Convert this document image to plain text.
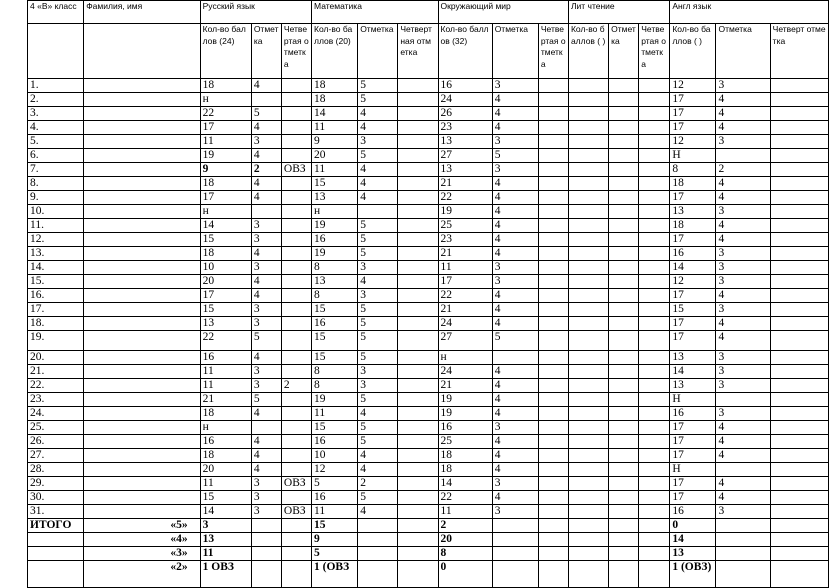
4 «В» класс	Фамилия, имя	Русский язык			Математика			Окружающий мир			Лит чтение			Англ язык		
		Кол-во баллов (24)	Отметка	Четвертая отметка	Кол-во баллов (20)	Отметка	Четвертная отметка	Кол-во баллов (32)	Отметка	Четвертая отметка	Кол-во баллов ( )	Отметка	Четвертая отметка	Кол-во баллов ( )	Отметка	Четверт отметка
1.		18	4		18	5		16	3					12	3	
2.		н			18	5		24	4					17	4	
3.		22	5		14	4		26	4					17	4	
4.		17	4		11	4		23	4					17	4	
5.		11	3		9	3		13	3					12	3	
6.		19	4		20	5		27	5					Н		
7.		9	2	ОВЗ	11	4		13	3					8	2	
8.		18	4		15	4		21	4					18	4	
9.		17	4		13	4		22	4					17	4	
10.		н			н			19	4					13	3	
11.		14	3		19	5		25	4					18	4	
12.		15	3		16	5		23	4					17	4	
13.		18	4		19	5		21	4					16	3	
14.		10	3		8	3		11	3					14	3	
15.		20	4		13	4		17	3					12	3	
16.		17	4		8	3		22	4					17	4	
17.		15	3		15	5		21	4					15	3	
18.		13	3		16	5		24	4					17	4	
19.		22	5		15	5		27	5					17	4	
20.		16	4		15	5		н						13	3	
21.		11	3		8	3		24	4					14	3	
22.		11	3	2	8	3		21	4					13	3	
23.		21	5		19	5		19	4					Н		
24.		18	4		11	4		19	4					16	3	
25.		н			15	5		16	3					17	4	
26.		16	4		16	5		25	4					17	4	
27.		18	4		10	4		18	4					17	4	
28.		20	4		12	4		18	4					Н		
29.		11	3	ОВЗ	5	2		14	3					17	4	
30.		15	3		16	5		22	4					17	4	
31.		14	3	ОВЗ	11	4		11	3					16	3	
ИТОГО	«5»	3			15			2						0		
	«4»	13			9			20						14		
	«3»	11			5			8						13		
	«2»	1 ОВЗ			1 (ОВЗ			0						1 (ОВЗ)		
